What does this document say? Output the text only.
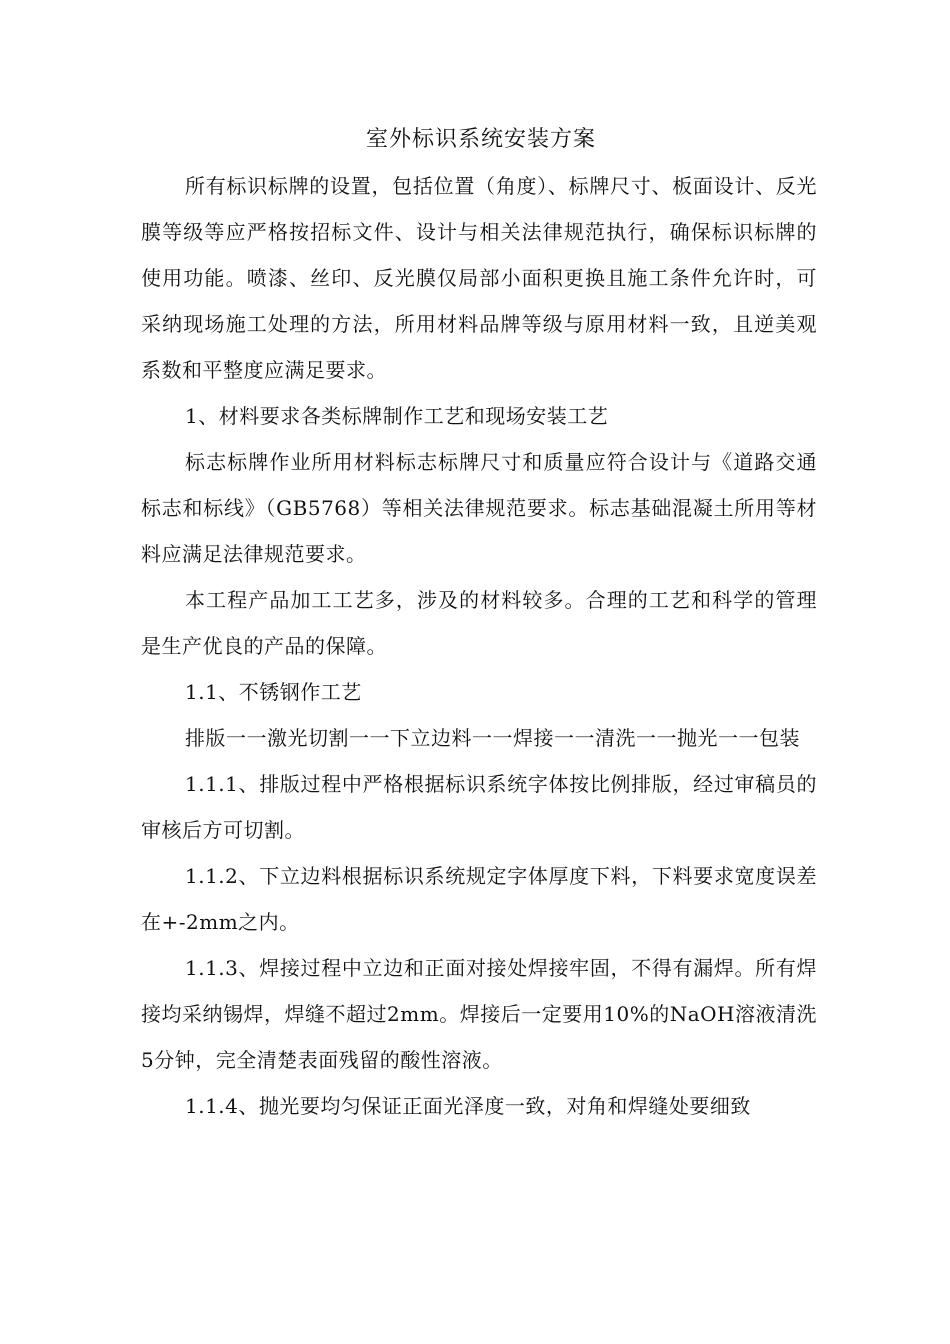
室外标识系统安装方案

所有标识标牌的设置，包括位置（角度）、标牌尺寸、板面设计、反光膜等级等应严格按招标文件、设计与相关法律规范执行，确保标识标牌的使用功能。喷漆、丝印、反光膜仅局部小面积更换且施工条件允许时，可采纳现场施工处理的方法，所用材料品牌等级与原用材料一致，且逆美观系数和平整度应满足要求。

1、材料要求各类标牌制作工艺和现场安装工艺

标志标牌作业所用材料标志标牌尺寸和质量应符合设计与《道路交通标志和标线》（GB5768）等相关法律规范要求。标志基础混凝土所用等材料应满足法律规范要求。

本工程产品加工工艺多，涉及的材料较多。合理的工艺和科学的管理是生产优良的产品的保障。

1.1、不锈钢作工艺

排版一一激光切割一一下立边料一一焊接一一清洗一一抛光一一包装

1.1.1、排版过程中严格根据标识系统字体按比例排版，经过审稿员的审核后方可切割。

1.1.2、下立边料根据标识系统规定字体厚度下料，下料要求宽度误差在+-2mm之内。

1.1.3、焊接过程中立边和正面对接处焊接牢固，不得有漏焊。所有焊接均采纳锡焊，焊缝不超过2mm。焊接后一定要用10%的NaOH溶液清洗5分钟，完全清楚表面残留的酸性溶液。

1.1.4、抛光要均匀保证正面光泽度一致，对角和焊缝处要细致
